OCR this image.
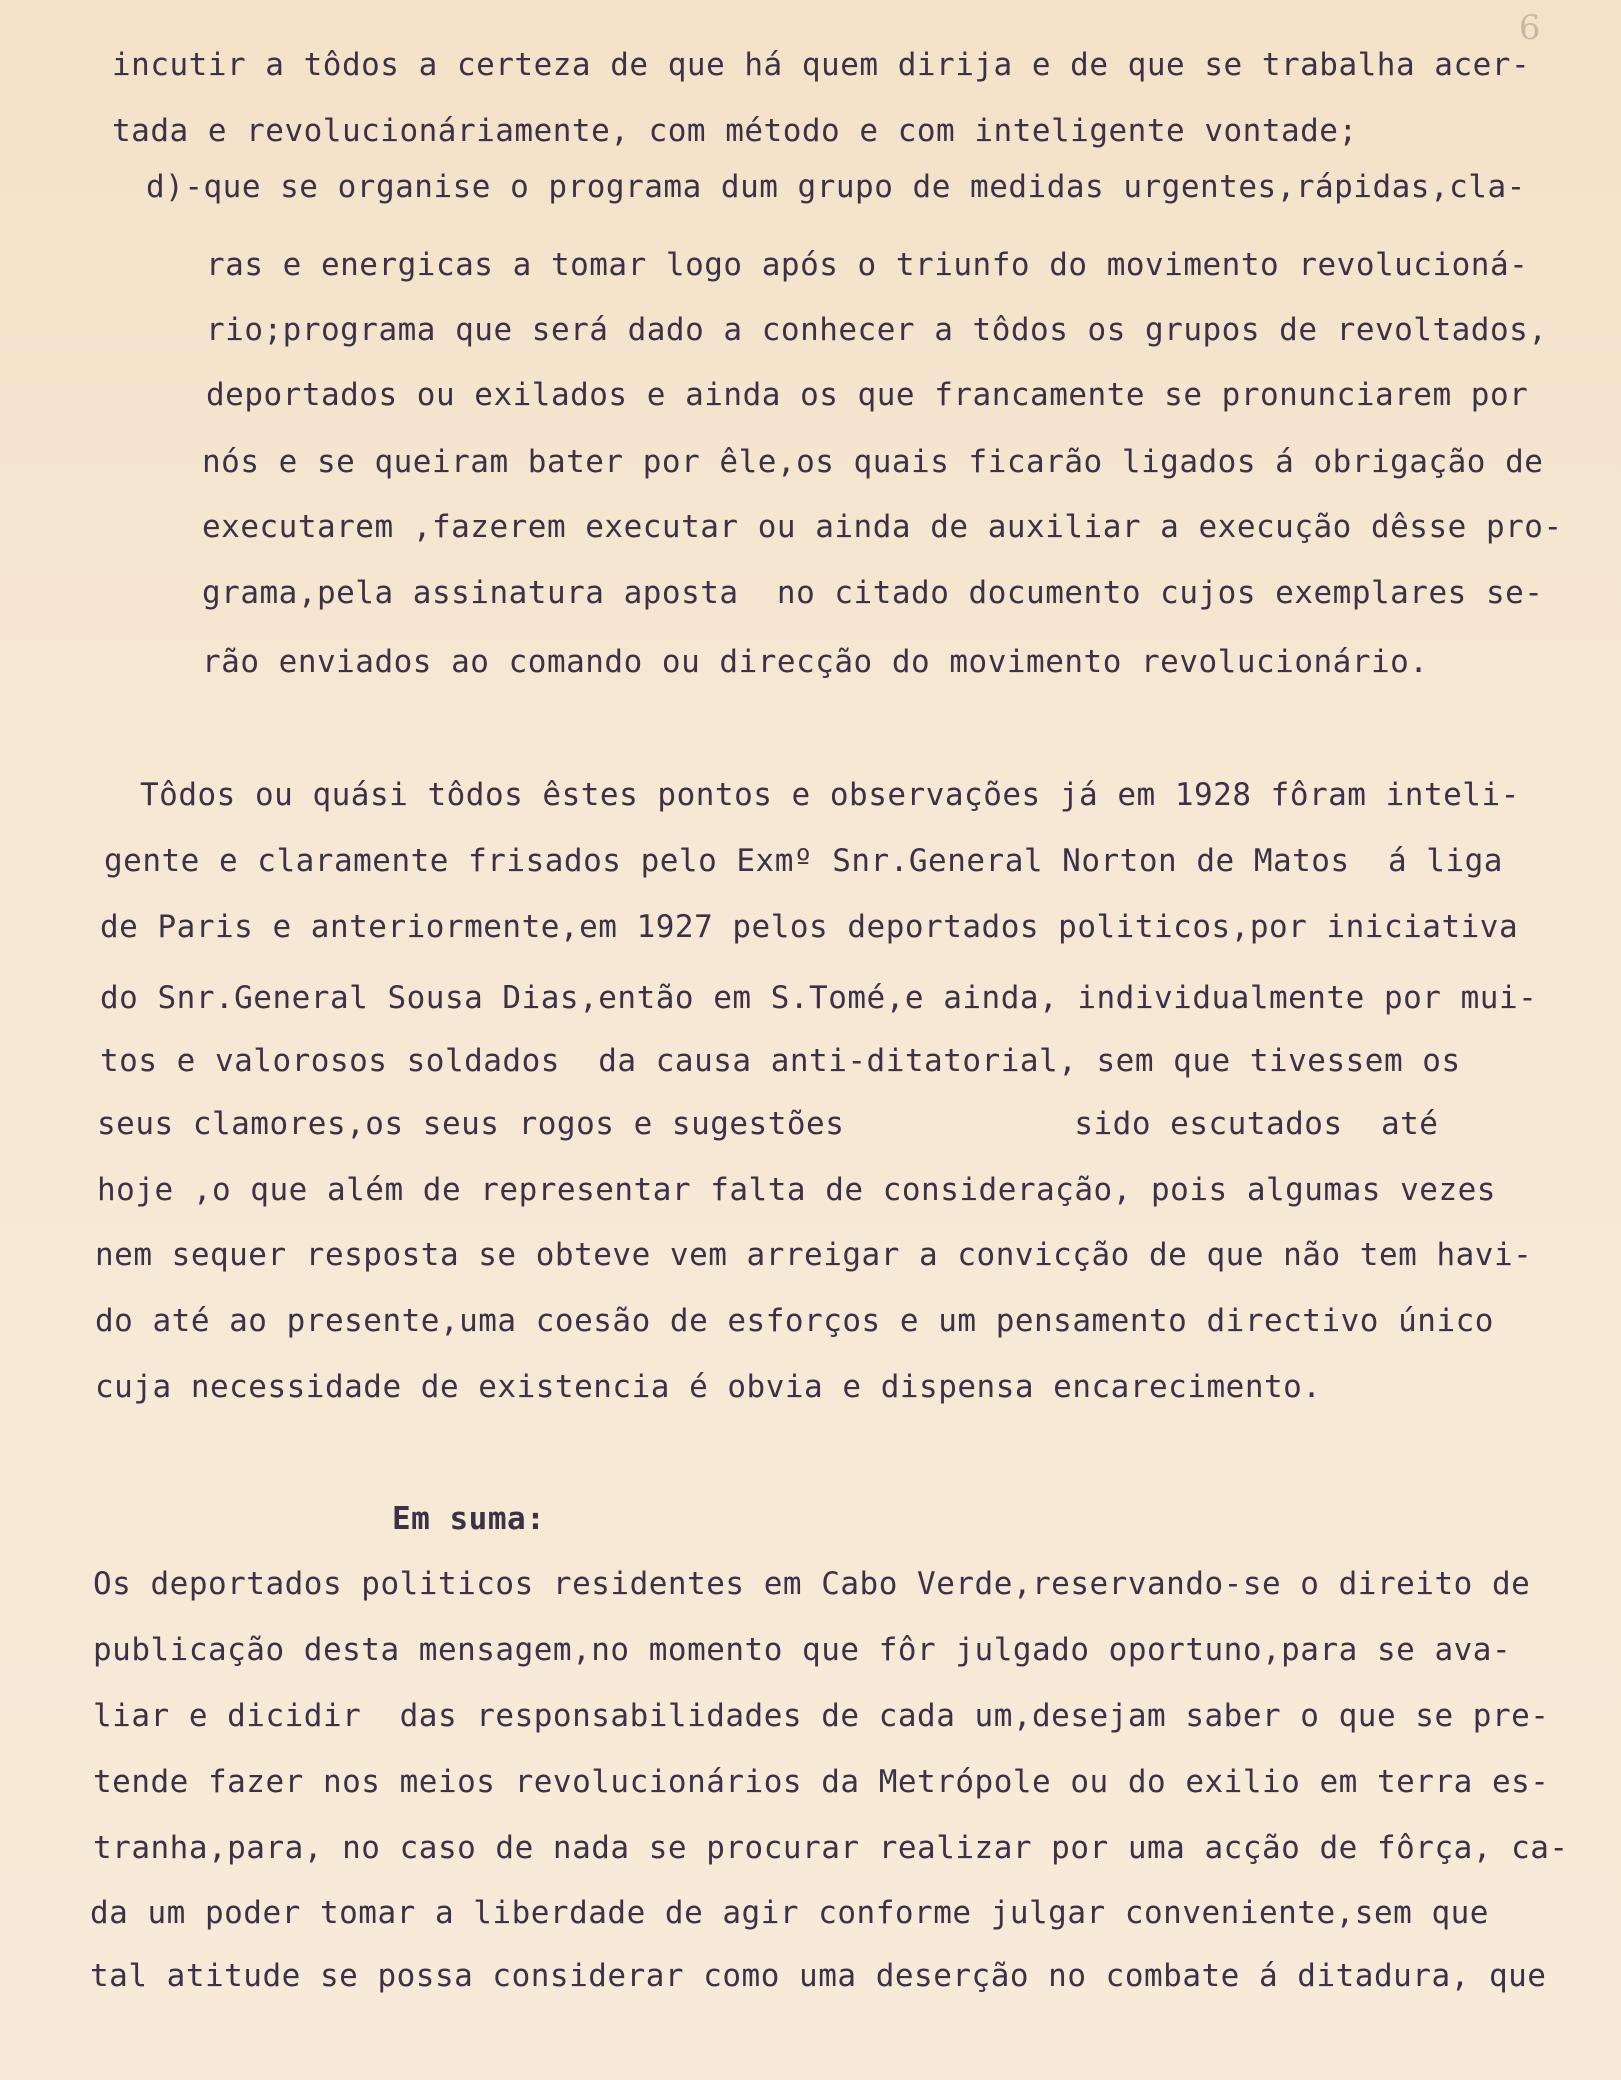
6
incutir a tôdos a certeza de que há quem dirija e de que se trabalha acer-
tada e revolucionáriamente, com método e com inteligente vontade;
d)-que se organise o programa dum grupo de medidas urgentes,rápidas,cla-
ras e energicas a tomar logo após o triunfo do movimento revolucioná-
rio;programa que será dado a conhecer a tôdos os grupos de revoltados,
deportados ou exilados e ainda os que francamente se pronunciarem por
nós e se queiram bater por êle,os quais ficarão ligados á obrigação de
executarem ,fazerem executar ou ainda de auxiliar a execução dêsse pro-
grama,pela assinatura aposta  no citado documento cujos exemplares se-
rão enviados ao comando ou direcção do movimento revolucionário.
Tôdos ou quási tôdos êstes pontos e observações já em 1928 fôram inteli-
gente e claramente frisados pelo Exmº Snr.General Norton de Matos  á liga
de Paris e anteriormente,em 1927 pelos deportados politicos,por iniciativa
do Snr.General Sousa Dias,então em S.Tomé,e ainda, individualmente por mui-
tos e valorosos soldados  da causa anti-ditatorial, sem que tivessem os
seus clamores,os seus rogos e sugestões            sido escutados  até
hoje ,o que além de representar falta de consideração, pois algumas vezes
nem sequer resposta se obteve vem arreigar a convicção de que não tem havi-
do até ao presente,uma coesão de esforços e um pensamento directivo único
cuja necessidade de existencia é obvia e dispensa encarecimento.
Em suma:
Os deportados politicos residentes em Cabo Verde,reservando-se o direito de
publicação desta mensagem,no momento que fôr julgado oportuno,para se ava-
liar e dicidir  das responsabilidades de cada um,desejam saber o que se pre-
tende fazer nos meios revolucionários da Metrópole ou do exilio em terra es-
tranha,para, no caso de nada se procurar realizar por uma acção de fôrça, ca-
da um poder tomar a liberdade de agir conforme julgar conveniente,sem que
tal atitude se possa considerar como uma deserção no combate á ditadura, que
